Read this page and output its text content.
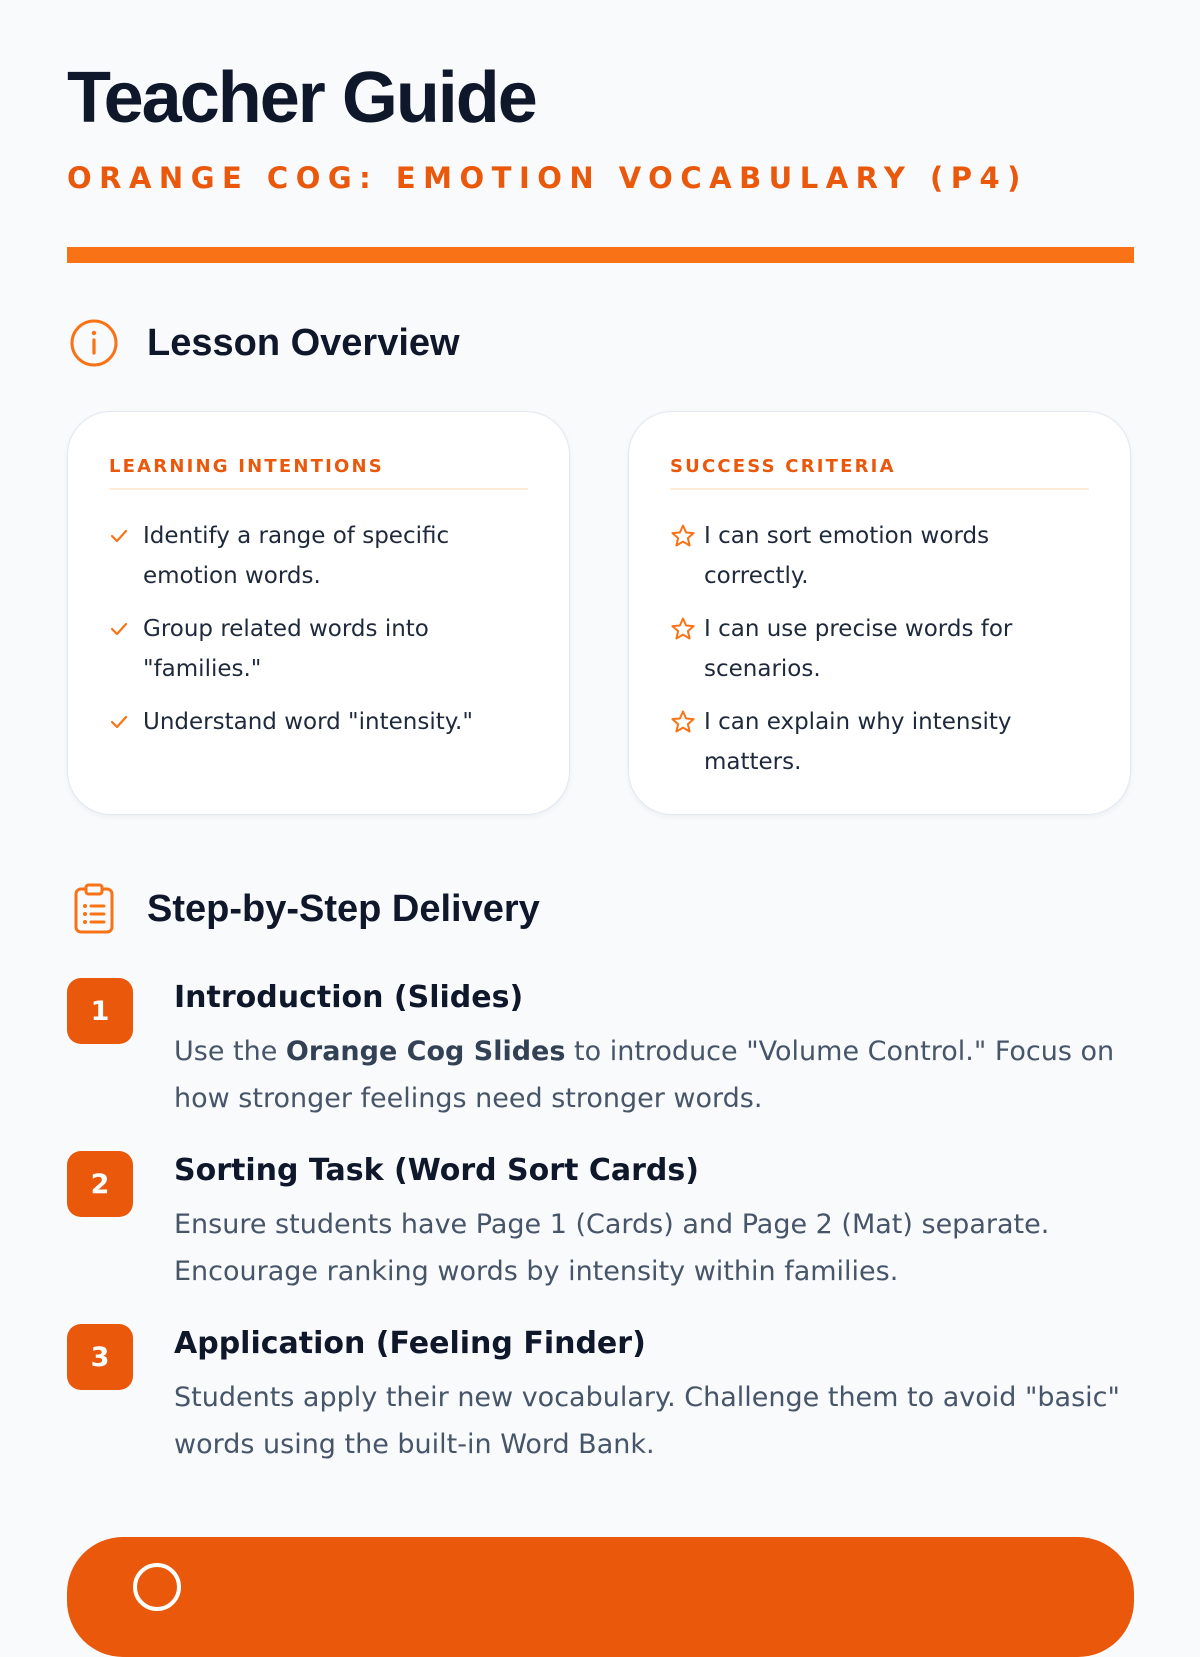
Teacher Guide
ORANGE COG: EMOTION VOCABULARY (P4)
Lesson Overview
LEARNING INTENTIONS
Identify a range of specific emotion words.
Group related words into "families."
Understand word "intensity."
SUCCESS CRITERIA
I can sort emotion words correctly.
I can use precise words for scenarios.
I can explain why intensity matters.
Step-by-Step Delivery
1	Introduction (Slides)
Use the Orange Cog Slides to introduce "Volume Control." Focus on how stronger feelings need stronger words.
2	Sorting Task (Word Sort Cards)
Ensure students have Page 1 (Cards) and Page 2 (Mat) separate. Encourage ranking words by intensity within families.
3	Application (Feeling Finder)
Students apply their new vocabulary. Challenge them to avoid "basic" words using the built-in Word Bank.
